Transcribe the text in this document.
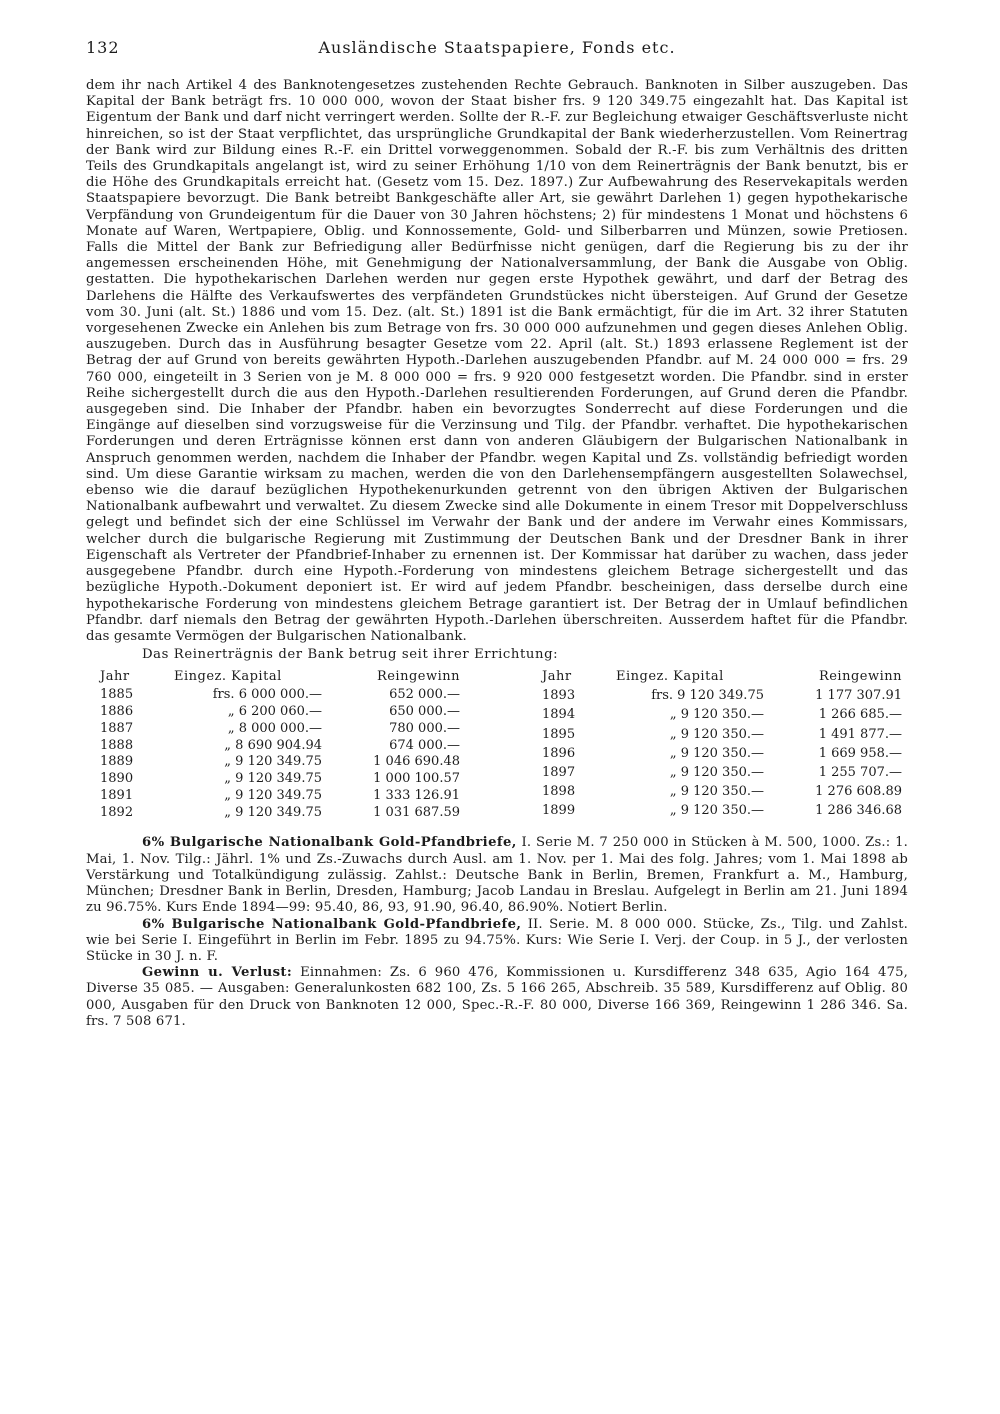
132	Ausländische Staatspapiere, Fonds etc.

dem ihr nach Artikel 4 des Banknotengesetzes zustehenden Rechte Gebrauch. Banknoten in Silber auszugeben. Das Kapital der Bank beträgt frs. 10 000 000, wovon der Staat bisher frs. 9 120 349.75 eingezahlt hat. Das Kapital ist Eigentum der Bank und darf nicht verringert werden. Sollte der R.-F. zur Begleichung etwaiger Geschäftsverluste nicht hinreichen, so ist der Staat verpflichtet, das ursprüngliche Grundkapital der Bank wiederherzustellen. Vom Reinertrag der Bank wird zur Bildung eines R.-F. ein Drittel vorweggenommen. Sobald der R.-F. bis zum Verhältnis des dritten Teils des Grundkapitals angelangt ist, wird zu seiner Erhöhung 1/10 von dem Reinerträgnis der Bank benutzt, bis er die Höhe des Grundkapitals erreicht hat. (Gesetz vom 15. Dez. 1897.) Zur Aufbewahrung des Reservekapitals werden Staatspapiere bevorzugt. Die Bank betreibt Bankgeschäfte aller Art, sie gewährt Darlehen 1) gegen hypothekarische Verpfändung von Grundeigentum für die Dauer von 30 Jahren höchstens; 2) für mindestens 1 Monat und höchstens 6 Monate auf Waren, Wertpapiere, Oblig. und Konnossemente, Gold- und Silberbarren und Münzen, sowie Pretiosen. Falls die Mittel der Bank zur Befriedigung aller Bedürfnisse nicht genügen, darf die Regierung bis zu der ihr angemessen erscheinenden Höhe, mit Genehmigung der Nationalversammlung, der Bank die Ausgabe von Oblig. gestatten. Die hypothekarischen Darlehen werden nur gegen erste Hypothek gewährt, und darf der Betrag des Darlehens die Hälfte des Verkaufswertes des verpfändeten Grundstückes nicht übersteigen. Auf Grund der Gesetze vom 30. Juni (alt. St.) 1886 und vom 15. Dez. (alt. St.) 1891 ist die Bank ermächtigt, für die im Art. 32 ihrer Statuten vorgesehenen Zwecke ein Anlehen bis zum Betrage von frs. 30 000 000 aufzunehmen und gegen dieses Anlehen Oblig. auszugeben. Durch das in Ausführung besagter Gesetze vom 22. April (alt. St.) 1893 erlassene Reglement ist der Betrag der auf Grund von bereits gewährten Hypoth.-Darlehen auszugebenden Pfandbr. auf M. 24 000 000 = frs. 29 760 000, eingeteilt in 3 Serien von je M. 8 000 000 = frs. 9 920 000 festgesetzt worden. Die Pfandbr. sind in erster Reihe sichergestellt durch die aus den Hypoth.-Darlehen resultierenden Forderungen, auf Grund deren die Pfandbr. ausgegeben sind. Die Inhaber der Pfandbr. haben ein bevorzugtes Sonderrecht auf diese Forderungen und die Eingänge auf dieselben sind vorzugsweise für die Verzinsung und Tilg. der Pfandbr. verhaftet. Die hypothekarischen Forderungen und deren Erträgnisse können erst dann von anderen Gläubigern der Bulgarischen Nationalbank in Anspruch genommen werden, nachdem die Inhaber der Pfandbr. wegen Kapital und Zs. vollständig befriedigt worden sind. Um diese Garantie wirksam zu machen, werden die von den Darlehensempfängern ausgestellten Solawechsel, ebenso wie die darauf bezüglichen Hypothekenurkunden getrennt von den übrigen Aktiven der Bulgarischen Nationalbank aufbewahrt und verwaltet. Zu diesem Zwecke sind alle Dokumente in einem Tresor mit Doppelverschluss gelegt und befindet sich der eine Schlüssel im Verwahr der Bank und der andere im Verwahr eines Kommissars, welcher durch die bulgarische Regierung mit Zustimmung der Deutschen Bank und der Dresdner Bank in ihrer Eigenschaft als Vertreter der Pfandbrief-Inhaber zu ernennen ist. Der Kommissar hat darüber zu wachen, dass jeder ausgegebene Pfandbr. durch eine Hypoth.-Forderung von mindestens gleichem Betrage sichergestellt und das bezügliche Hypoth.-Dokument deponiert ist. Er wird auf jedem Pfandbr. bescheinigen, dass derselbe durch eine hypothekarische Forderung von mindestens gleichem Betrage garantiert ist. Der Betrag der in Umlauf befindlichen Pfandbr. darf niemals den Betrag der gewährten Hypoth.-Darlehen überschreiten. Ausserdem haftet für die Pfandbr. das gesamte Vermögen der Bulgarischen Nationalbank.

Das Reinerträgnis der Bank betrug seit ihrer Errichtung:

Jahr	Eingez. Kapital	Reingewinn
1885	frs. 6 000 000.—	652 000.—
1886	„ 6 200 060.—	650 000.—
1887	„ 8 000 000.—	780 000.—
1888	„ 8 690 904.94	674 000.—
1889	„ 9 120 349.75	1 046 690.48
1890	„ 9 120 349.75	1 000 100.57
1891	„ 9 120 349.75	1 333 126.91
1892	„ 9 120 349.75	1 031 687.59
Jahr	Eingez. Kapital	Reingewinn
1893	frs. 9 120 349.75	1 177 307.91
1894	„ 9 120 350.—	1 266 685.—
1895	„ 9 120 350.—	1 491 877.—
1896	„ 9 120 350.—	1 669 958.—
1897	„ 9 120 350.—	1 255 707.—
1898	„ 9 120 350.—	1 276 608.89
1899	„ 9 120 350.—	1 286 346.68

6% Bulgarische Nationalbank Gold-Pfandbriefe, I. Serie M. 7 250 000 in Stücken à M. 500, 1000. Zs.: 1. Mai, 1. Nov. Tilg.: Jährl. 1% und Zs.-Zuwachs durch Ausl. am 1. Nov. per 1. Mai des folg. Jahres; vom 1. Mai 1898 ab Verstärkung und Totalkündigung zulässig. Zahlst.: Deutsche Bank in Berlin, Bremen, Frankfurt a. M., Hamburg, München; Dresdner Bank in Berlin, Dresden, Hamburg; Jacob Landau in Breslau. Aufgelegt in Berlin am 21. Juni 1894 zu 96.75%. Kurs Ende 1894—99: 95.40, 86, 93, 91.90, 96.40, 86.90%. Notiert Berlin.

6% Bulgarische Nationalbank Gold-Pfandbriefe, II. Serie. M. 8 000 000. Stücke, Zs., Tilg. und Zahlst. wie bei Serie I. Eingeführt in Berlin im Febr. 1895 zu 94.75%. Kurs: Wie Serie I. Verj. der Coup. in 5 J., der verlosten Stücke in 30 J. n. F.

Gewinn u. Verlust: Einnahmen: Zs. 6 960 476, Kommissionen u. Kursdifferenz 348 635, Agio 164 475, Diverse 35 085. — Ausgaben: Generalunkosten 682 100, Zs. 5 166 265, Abschreib. 35 589, Kursdifferenz auf Oblig. 80 000, Ausgaben für den Druck von Banknoten 12 000, Spec.-R.-F. 80 000, Diverse 166 369, Reingewinn 1 286 346. Sa. frs. 7 508 671.
